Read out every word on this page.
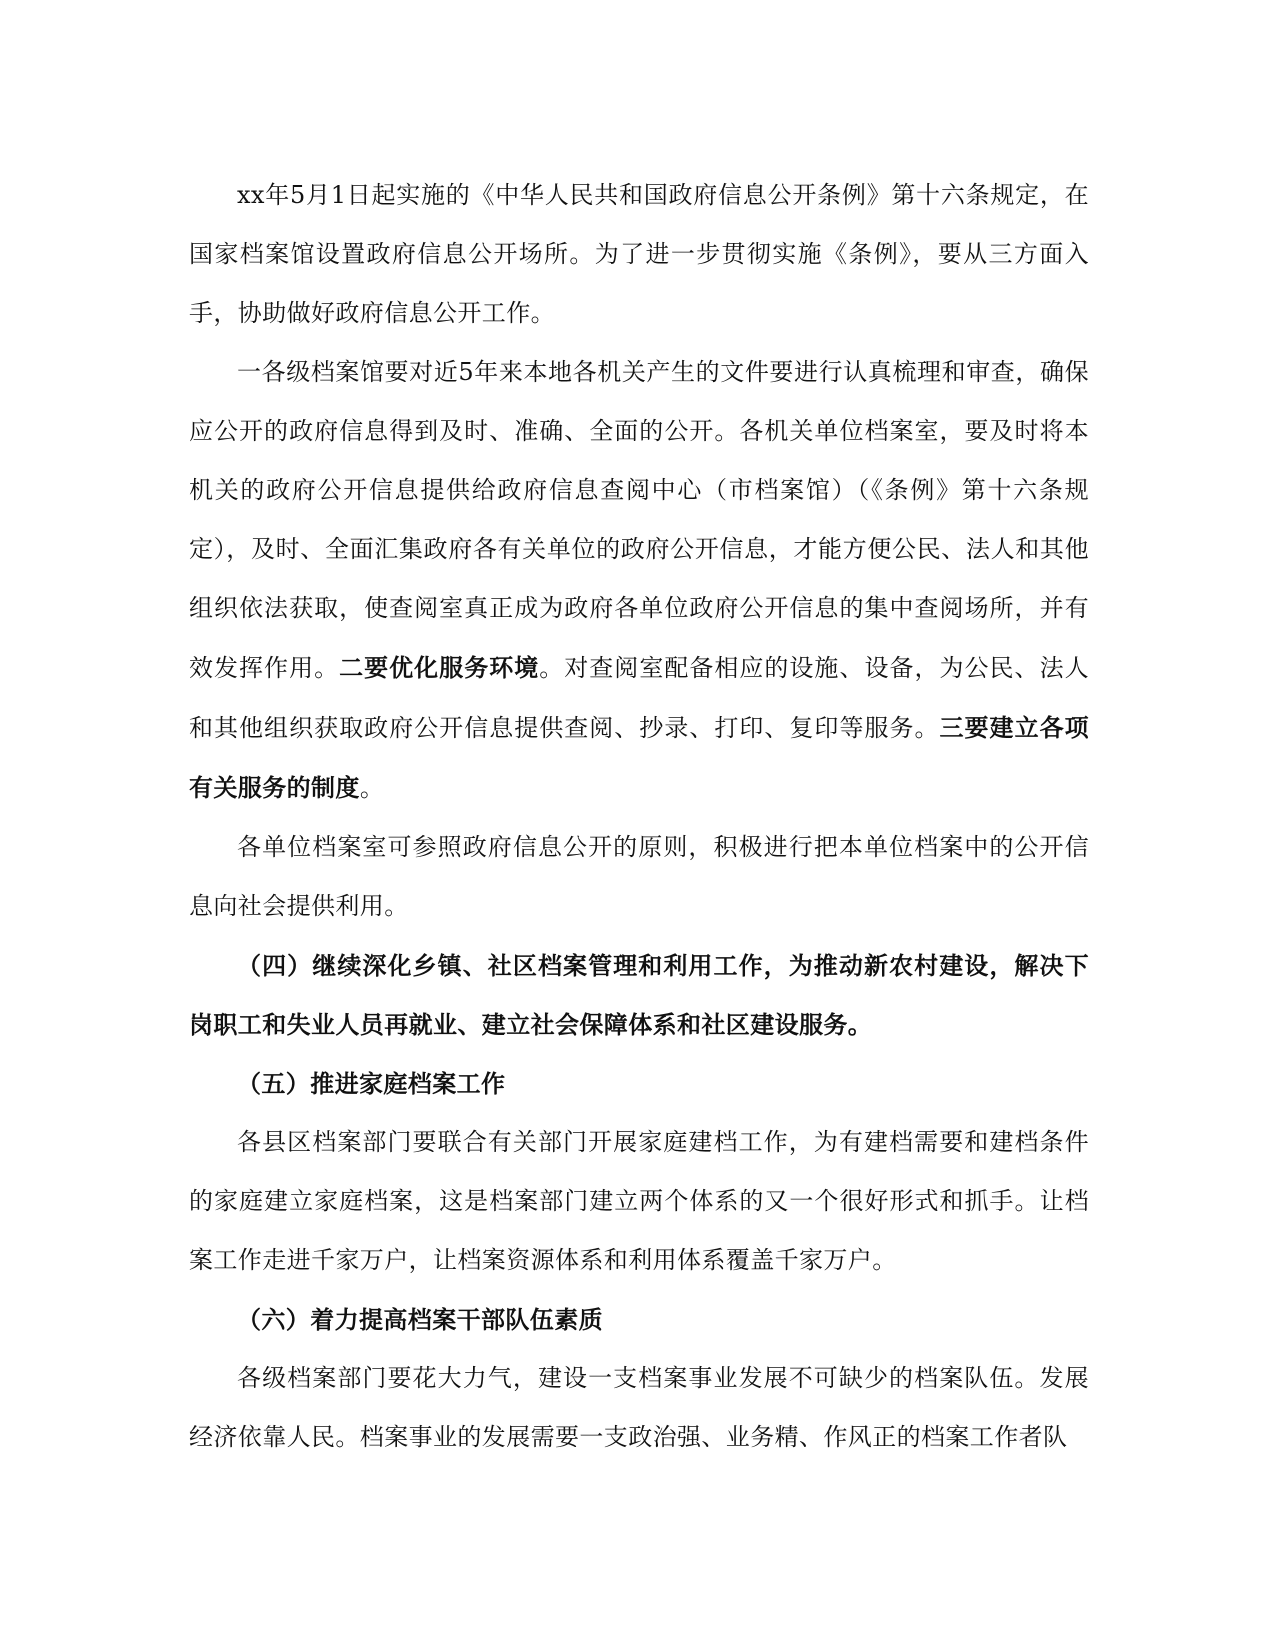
xx年5月1日起实施的《中华人民共和国政府信息公开条例》第十六条规定，在国家档案馆设置政府信息公开场所。为了进一步贯彻实施《条例》，要从三方面入手，协助做好政府信息公开工作。

一各级档案馆要对近5年来本地各机关产生的文件要进行认真梳理和审查，确保应公开的政府信息得到及时、准确、全面的公开。各机关单位档案室，要及时将本机关的政府公开信息提供给政府信息查阅中心（市档案馆）（《条例》第十六条规定），及时、全面汇集政府各有关单位的政府公开信息，才能方便公民、法人和其他组织依法获取，使查阅室真正成为政府各单位政府公开信息的集中查阅场所，并有效发挥作用。二要优化服务环境。对查阅室配备相应的设施、设备，为公民、法人和其他组织获取政府公开信息提供查阅、抄录、打印、复印等服务。三要建立各项有关服务的制度。

各单位档案室可参照政府信息公开的原则，积极进行把本单位档案中的公开信息向社会提供利用。

（四）继续深化乡镇、社区档案管理和利用工作，为推动新农村建设，解决下岗职工和失业人员再就业、建立社会保障体系和社区建设服务。

（五）推进家庭档案工作

各县区档案部门要联合有关部门开展家庭建档工作，为有建档需要和建档条件的家庭建立家庭档案，这是档案部门建立两个体系的又一个很好形式和抓手。让档案工作走进千家万户，让档案资源体系和利用体系覆盖千家万户。

（六）着力提高档案干部队伍素质

各级档案部门要花大力气，建设一支档案事业发展不可缺少的档案队伍。发展经济依靠人民。档案事业的发展需要一支政治强、业务精、作风正的档案工作者队
